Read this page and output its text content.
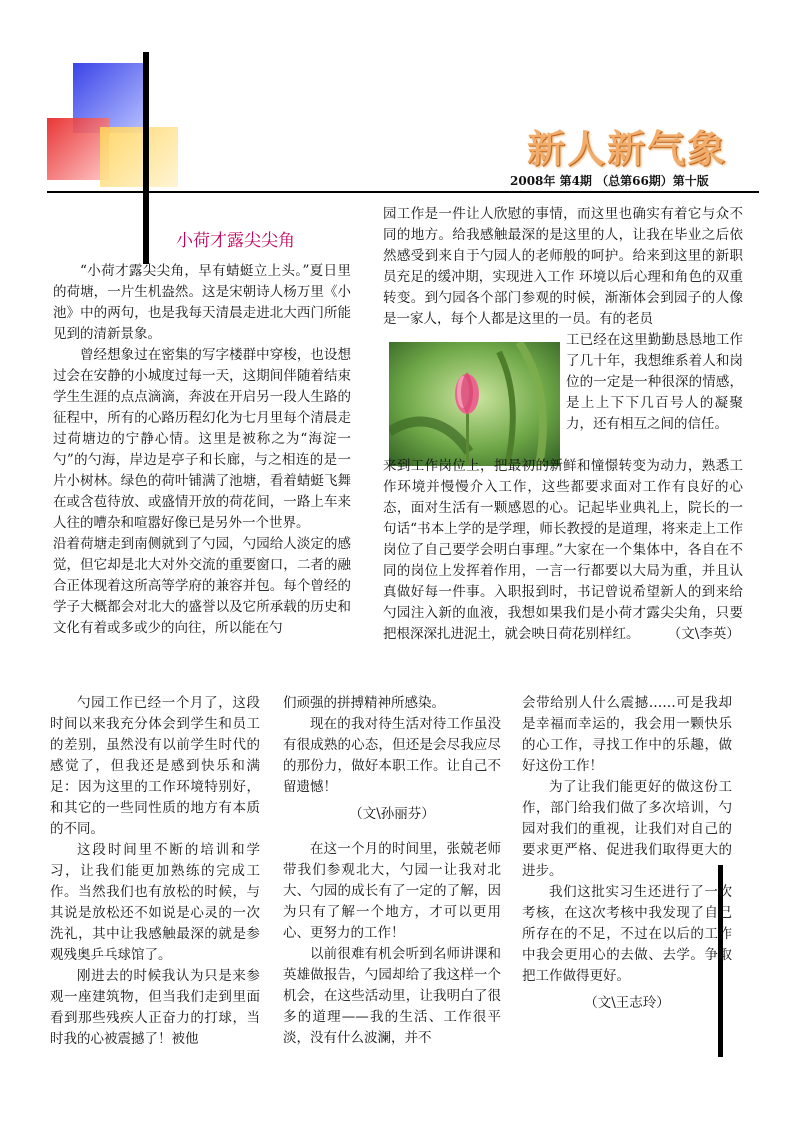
新人新气象
2008年 第4期 （总第66期）第十版
小荷才露尖尖角

“小荷才露尖尖角，早有蜻蜓立上头。”夏日里的荷塘，一片生机盎然。这是宋朝诗人杨万里《小池》中的两句，也是我每天清晨走进北大西门所能见到的清新景象。

曾经想象过在密集的写字楼群中穿梭，也设想过会在安静的小城度过每一天，这期间伴随着结束学生生涯的点点滴滴，奔波在开启另一段人生路的征程中，所有的心路历程幻化为七月里每个清晨走过荷塘边的宁静心情。这里是被称之为“海淀一勺”的勺海，岸边是亭子和长廊，与之相连的是一片小树林。绿色的荷叶铺满了池塘，看着蜻蜓飞舞在或含苞待放、或盛情开放的荷花间，一路上车来人往的嘈杂和喧嚣好像已是另外一个世界。

沿着荷塘走到南侧就到了勺园，勺园给人淡定的感觉，但它却是北大对外交流的重要窗口，二者的融合正体现着这所高等学府的兼容并包。每个曾经的学子大概都会对北大的盛誉以及它所承载的历史和文化有着或多或少的向往，所以能在勺

园工作是一件让人欣慰的事情，而这里也确实有着它与众不同的地方。给我感触最深的是这里的人，让我在毕业之后依然感受到来自于勺园人的老师般的呵护。给来到这里的新职员充足的缓冲期，实现进入工作 环境以后心理和角色的双重转变。到勺园各个部门参观的时候，渐渐体会到园子的人像是一家人，每个人都是这里的一员。有的老员

工已经在这里勤勤恳恳地工作了几十年，我想维系着人和岗位的一定是一种很深的情感，是上上下下几百号人的凝聚力，还有相互之间的信任。

来到工作岗位上，把最初的新鲜和憧憬转变为动力，熟悉工作环境并慢慢介入工作，这些都要求面对工作有良好的心态，面对生活有一颗感恩的心。记起毕业典礼上，院长的一句话“书本上学的是学理，师长教授的是道理，将来走上工作岗位了自己要学会明白事理。”大家在一个集体中，各自在不同的岗位上发挥着作用，一言一行都要以大局为重，并且认真做好每一件事。入职报到时，书记曾说希望新人的到来给勺园注入新的血液，我想如果我们是小荷才露尖尖角，只要把根深深扎进泥土，就会映日荷花别样红。 （文\李英）

勺园工作已经一个月了，这段时间以来我充分体会到学生和员工的差别，虽然没有以前学生时代的感觉了，但我还是感到快乐和满足：因为这里的工作环境特别好，和其它的一些同性质的地方有本质的不同。

这段时间里不断的培训和学习，让我们能更加熟练的完成工作。当然我们也有放松的时候，与其说是放松还不如说是心灵的一次洗礼，其中让我感触最深的就是参观残奥乒乓球馆了。

刚进去的时候我认为只是来参观一座建筑物，但当我们走到里面看到那些残疾人正奋力的打球，当时我的心被震撼了！被他

们顽强的拼搏精神所感染。

现在的我对待生活对待工作虽没有很成熟的心态，但还是会尽我应尽的那份力，做好本职工作。让自己不留遗憾！

（文\孙丽芬）

在这一个月的时间里，张兢老师带我们参观北大，勺园一让我对北大、勺园的成长有了一定的了解，因为只有了解一个地方，才可以更用心、更努力的工作！

以前很难有机会听到名师讲课和英雄做报告，勺园却给了我这样一个机会，在这些活动里，让我明白了很多的道理——我的生活、工作很平淡，没有什么波澜，并不

会带给别人什么震撼……可是我却是幸福而幸运的，我会用一颗快乐的心工作，寻找工作中的乐趣，做好这份工作！

为了让我们能更好的做这份工作，部门给我们做了多次培训，勺园对我们的重视，让我们对自己的要求更严格、促进我们取得更大的进步。

我们这批实习生还进行了一次考核，在这次考核中我发现了自己所存在的不足，不过在以后的工作中我会更用心的去做、去学。争取把工作做得更好。

（文\王志玲）
